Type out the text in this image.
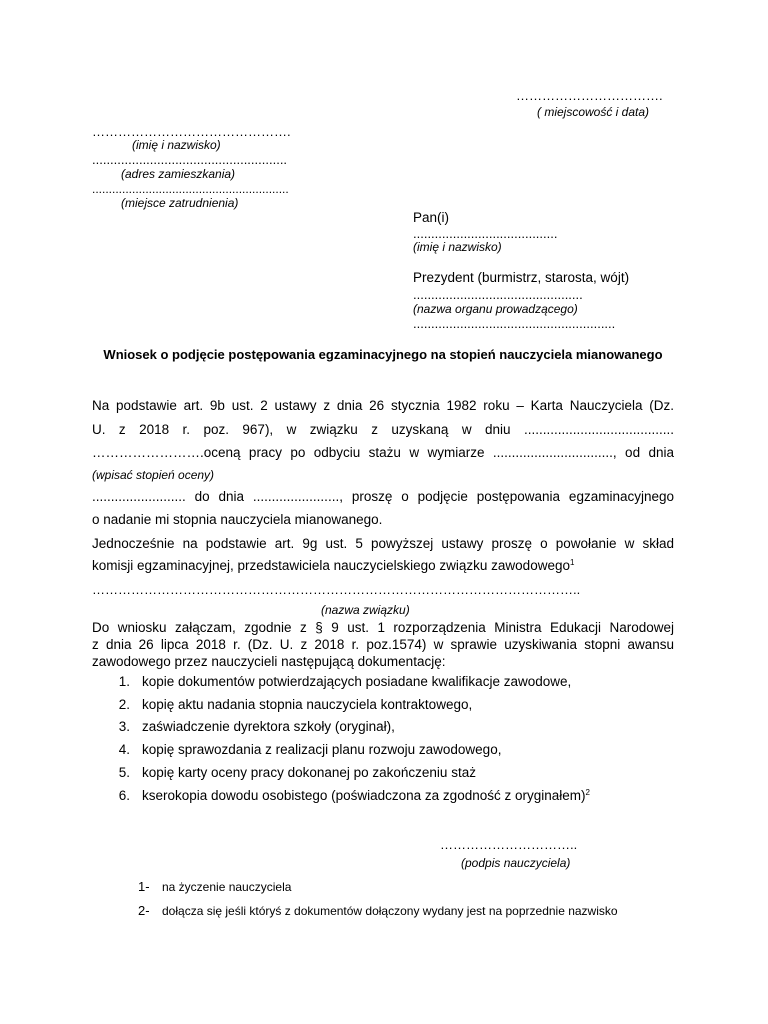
…………………………….
( miejscowość i data)
……………………………………….
(imię i nazwisko)
......................................................
(adres zamieszkania)
...........................................................
(miejsce zatrudnienia)
Pan(i)
........................................
(imię i nazwisko)
Prezydent (burmistrz, starosta, wójt)
...............................................
(nazwa organu prowadzącego)
........................................................
Wniosek o podjęcie postępowania egzaminacyjnego na stopień nauczyciela mianowanego
Na podstawie art. 9b ust. 2 ustawy z dnia 26 stycznia 1982 roku – Karta Nauczyciela (Dz.
U. z 2018 r. poz. 967), w związku z uzyskaną w dniu ........................................
…………………….oceną pracy po odbyciu stażu w wymiarze ................................, od dnia
(wpisać stopień oceny)
......................... do dnia ......................., proszę o podjęcie postępowania egzaminacyjnego
o nadanie mi stopnia nauczyciela mianowanego.
Jednocześnie na podstawie art. 9g ust. 5 powyższej ustawy proszę o powołanie w skład
komisji egzaminacyjnej, przedstawiciela nauczycielskiego związku zawodowego$^1$
…………………………………………………………………………………………………..
(nazwa związku)
Do wniosku załączam, zgodnie z § 9 ust. 1 rozporządzenia Ministra Edukacji Narodowej
z dnia 26 lipca 2018 r. (Dz. U. z 2018 r. poz.1574) w sprawie uzyskiwania stopni awansu
zawodowego przez nauczycieli następującą dokumentację:
1. kopie dokumentów potwierdzających posiadane kwalifikacje zawodowe,
2. kopię aktu nadania stopnia nauczyciela kontraktowego,
3. zaświadczenie dyrektora szkoły (oryginał),
4. kopię sprawozdania z realizacji planu rozwoju zawodowego,
5. kopię karty oceny pracy dokonanej po zakończeniu staż
6. kserokopia dowodu osobistego (poświadczona za zgodność z oryginałem)$^2$
…………………………..
(podpis nauczyciela)
1- na życzenie nauczyciela
2- dołącza się jeśli któryś z dokumentów dołączony wydany jest na poprzednie nazwisko
